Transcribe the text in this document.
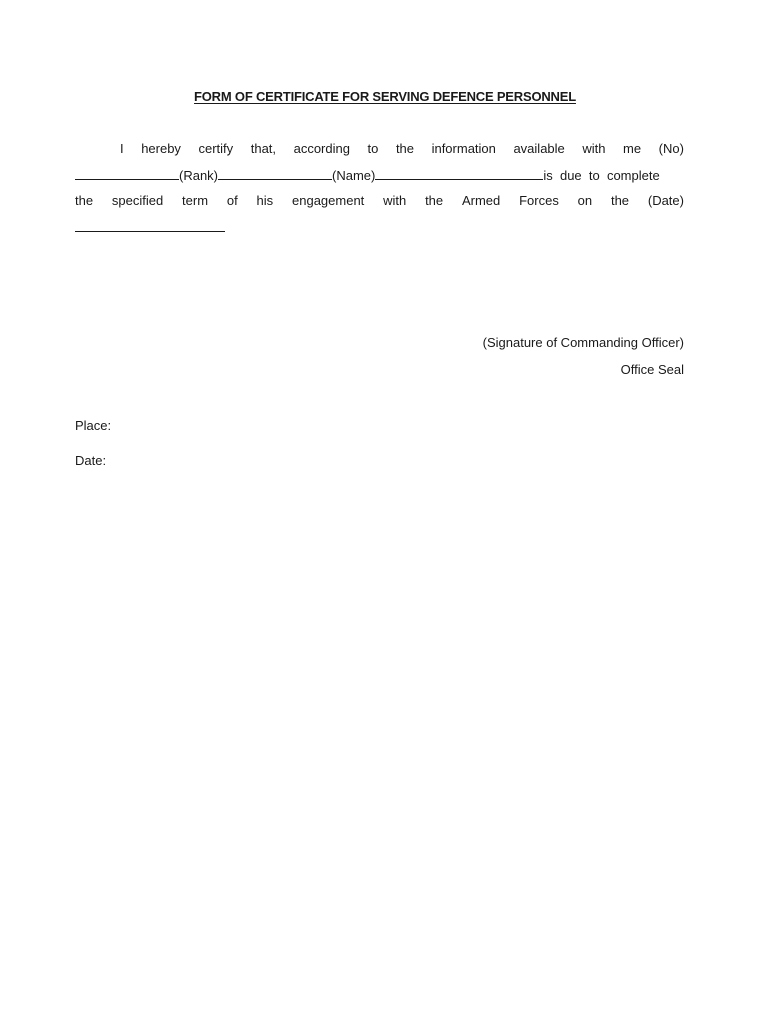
FORM OF CERTIFICATE FOR SERVING DEFENCE PERSONNEL
I hereby certify that, according to the information available with me (No)
(Rank)	(Name)	is  due  to  complete
the specified term of his engagement with the Armed Forces on the (Date)
(Signature of Commanding Officer)
Office Seal
Place:
Date:
